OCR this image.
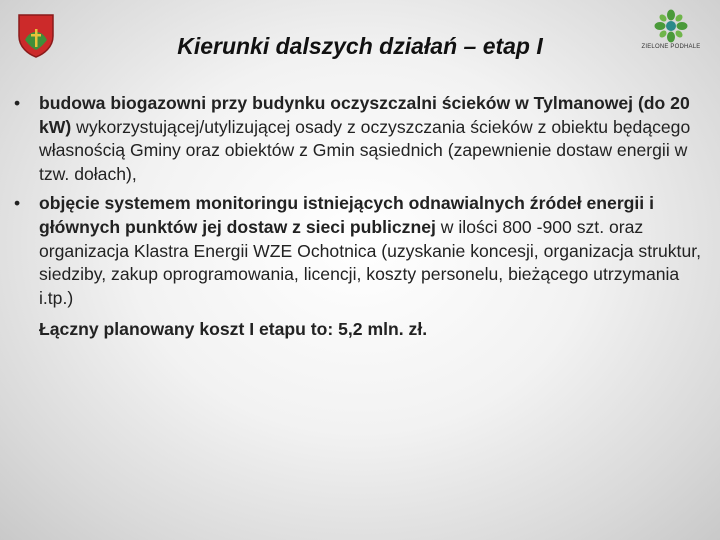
ZIELONE PODHALE
Kierunki dalszych działań – etap I
• budowa biogazowni przy budynku oczyszczalni ścieków w Tylmanowej (do 20 kW) wykorzystującej/utylizującej osady z oczyszczania ścieków z obiektu będącego własnością Gminy oraz obiektów z Gmin sąsiednich (zapewnienie dostaw energii w tzw. dołach),
• objęcie systemem monitoringu istniejących odnawialnych źródeł energii i głównych punktów jej dostaw z sieci publicznej w ilości 800 -900 szt. oraz organizacja Klastra Energii WZE Ochotnica (uzyskanie koncesji, organizacja struktur, siedziby, zakup oprogramowania, licencji, koszty personelu, bieżącego utrzymania i.tp.)
Łączny planowany koszt I etapu to: 5,2 mln. zł.
